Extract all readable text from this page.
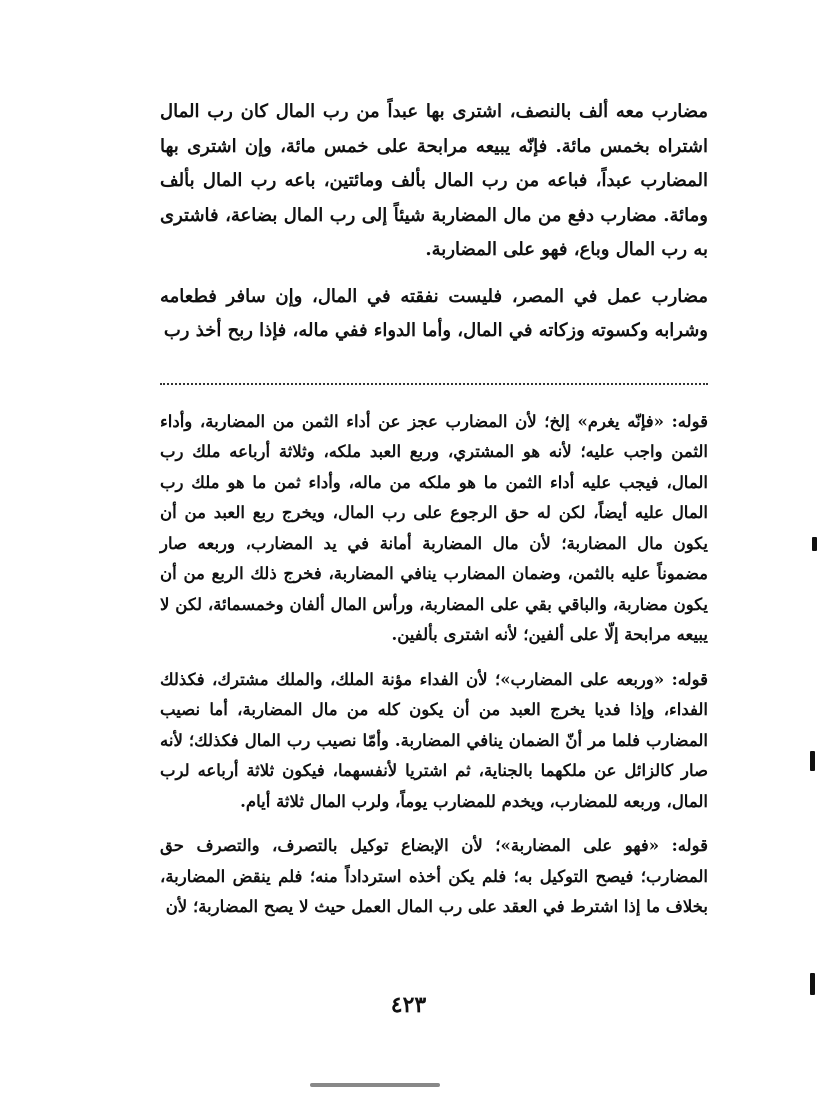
مضارب معه ألف بالنصف، اشترى بها عبداً من رب المال كان رب المال اشتراه بخمس مائة. فإنّه يبيعه مرابحة على خمس مائة، وإن اشترى بها المضارب عبداً، فباعه من رب المال بألف ومائتين، باعه رب المال بألف ومائة. مضارب دفع من مال المضاربة شيئاً إلى رب المال بضاعة، فاشترى به رب المال وباع، فهو على المضاربة.

مضارب عمل في المصر، فليست نفقته في المال، وإن سافر فطعامه وشرابه وكسوته وزكاته في المال، وأما الدواء ففي ماله، فإذا ربح أخذ رب

قوله: «فإنّه يغرم» إلخ؛ لأن المضارب عجز عن أداء الثمن من المضاربة، وأداء الثمن واجب عليه؛ لأنه هو المشتري، وربع العبد ملكه، وثلاثة أرباعه ملك رب المال، فيجب عليه أداء الثمن ما هو ملكه من ماله، وأداء ثمن ما هو ملك رب المال عليه أيضاً، لكن له حق الرجوع على رب المال، ويخرج ربع العبد من أن يكون مال المضاربة؛ لأن مال المضاربة أمانة في يد المضارب، وربعه صار مضموناً عليه بالثمن، وضمان المضارب ينافي المضاربة، فخرج ذلك الربع من أن يكون مضاربة، والباقي بقي على المضاربة، ورأس المال ألفان وخمسمائة، لكن لا يبيعه مرابحة إلّا على ألفين؛ لأنه اشترى بألفين.

قوله: «وربعه على المضارب»؛ لأن الفداء مؤنة الملك، والملك مشترك، فكذلك الفداء، وإذا فديا يخرج العبد من أن يكون كله من مال المضاربة، أما نصيب المضارب فلما مر أنّ الضمان ينافي المضاربة. وأمّا نصيب رب المال فكذلك؛ لأنه صار كالزائل عن ملكهما بالجناية، ثم اشتريا لأنفسهما، فيكون ثلاثة أرباعه لرب المال، وربعه للمضارب، ويخدم للمضارب يوماً، ولرب المال ثلاثة أيام.

قوله: «فهو على المضاربة»؛ لأن الإبضاع توكيل بالتصرف، والتصرف حق المضارب؛ فيصح التوكيل به؛ فلم يكن أخذه استرداداً منه؛ فلم ينقض المضاربة، بخلاف ما إذا اشترط في العقد على رب المال العمل حيث لا يصح المضاربة؛ لأن

٤٢٣
